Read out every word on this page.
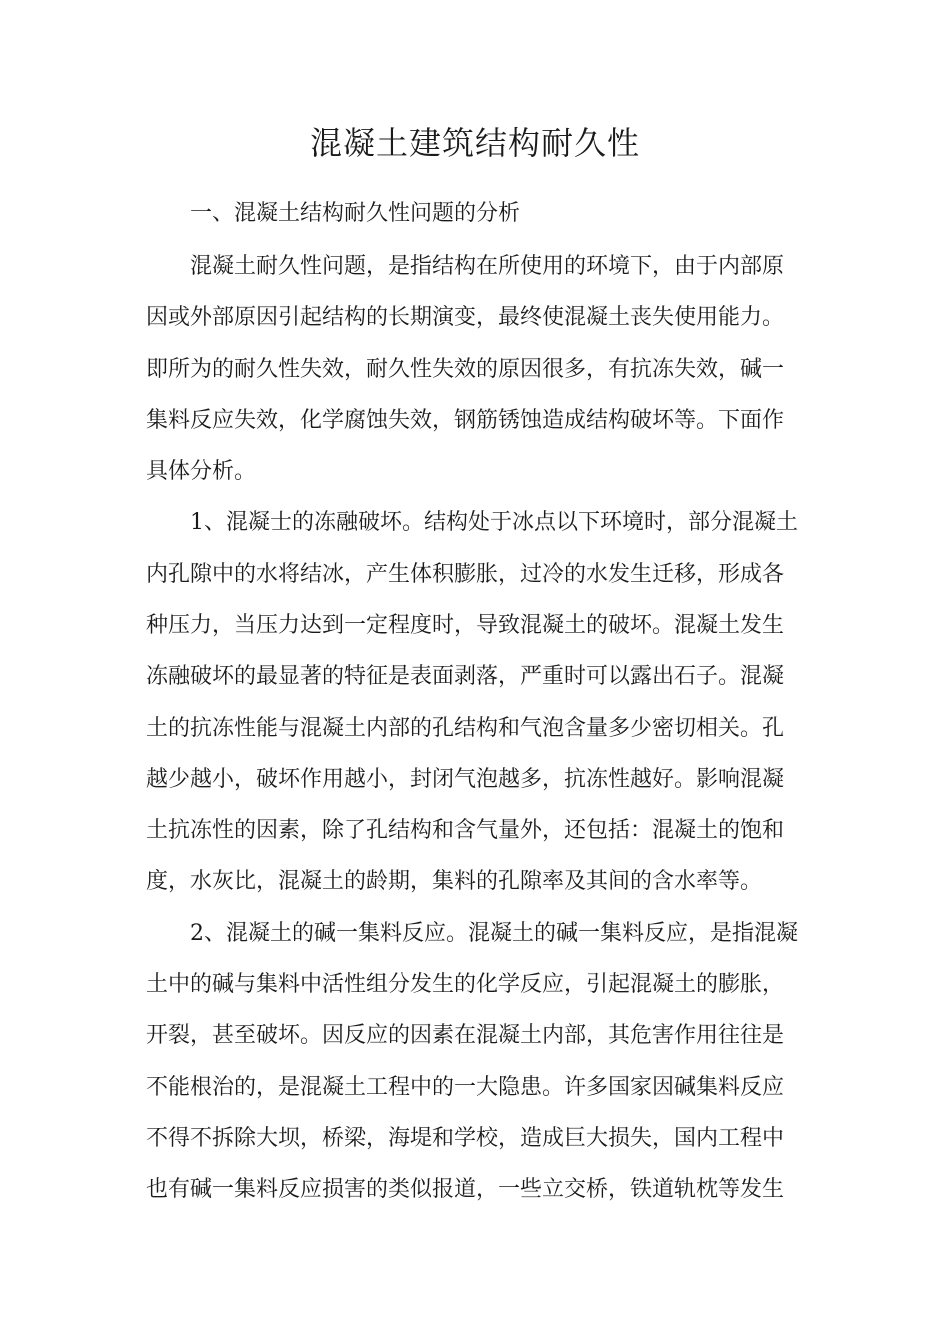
混凝土建筑结构耐久性

一、混凝土结构耐久性问题的分析

混凝土耐久性问题，是指结构在所使用的环境下，由于内部原

因或外部原因引起结构的长期演变，最终使混凝土丧失使用能力。

即所为的耐久性失效，耐久性失效的原因很多，有抗冻失效，碱一

集料反应失效，化学腐蚀失效，钢筋锈蚀造成结构破坏等。下面作

具体分析。

1、混凝士的冻融破坏。结构处于冰点以下环境时，部分混凝土

内孔隙中的水将结冰，产生体积膨胀，过冷的水发生迁移，形成各

种压力，当压力达到一定程度时，导致混凝土的破坏。混凝土发生

冻融破坏的最显著的特征是表面剥落，严重时可以露出石子。混凝

土的抗冻性能与混凝土内部的孔结构和气泡含量多少密切相关。孔

越少越小，破坏作用越小，封闭气泡越多，抗冻性越好。影响混凝

土抗冻性的因素，除了孔结构和含气量外，还包括：混凝土的饱和

度，水灰比，混凝土的龄期，集料的孔隙率及其间的含水率等。

2、混凝土的碱一集料反应。混凝土的碱一集料反应，是指混凝

土中的碱与集料中活性组分发生的化学反应，引起混凝土的膨胀，

开裂，甚至破坏。因反应的因素在混凝土内部，其危害作用往往是

不能根治的，是混凝土工程中的一大隐患。许多国家因碱集料反应

不得不拆除大坝，桥梁，海堤和学校，造成巨大损失，国内工程中

也有碱一集料反应损害的类似报道，一些立交桥，铁道轨枕等发生
